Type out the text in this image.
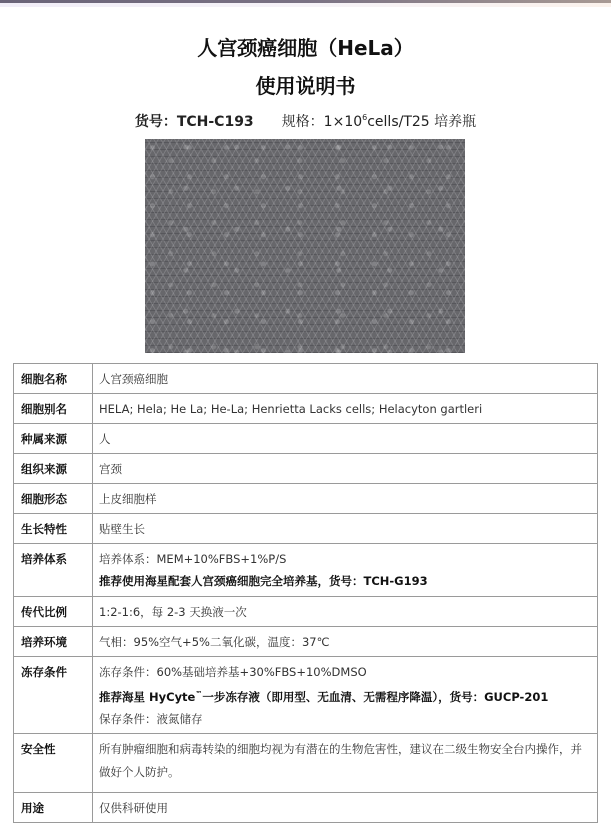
人宫颈癌细胞（HeLa）
使用说明书
货号：TCH-C193 规格：$1\times 10^6cells/T25$ 培养瓶
细胞名称	人宫颈癌细胞

细胞别名	HELA; Hela; He La; He-La; Henrietta Lacks cells; Helacyton gartleri

种属来源	人

组织来源	宫颈

细胞形态	上皮细胞样

生长特性	贴壁生长

培养体系	培养体系：MEM+10%FBS+1%P/S
推荐使用海星配套人宫颈癌细胞完全培养基，货号：TCH-G193

传代比例	1:2-1:6，每 2-3 天换液一次

培养环境	气相：95%空气+5%二氧化碳，温度：37℃

冻存条件	冻存条件：60%基础培养基+30%FBS+10%DMSO
推荐海星 HyCyte™一步冻存液（即用型、无血清、无需程序降温），货号：GUCP-201
保存条件：液氮储存

安全性	所有肿瘤细胞和病毒转染的细胞均视为有潜在的生物危害性，建议在二级生物安全台内操作，并做好个人防护。

用途	仅供科研使用
